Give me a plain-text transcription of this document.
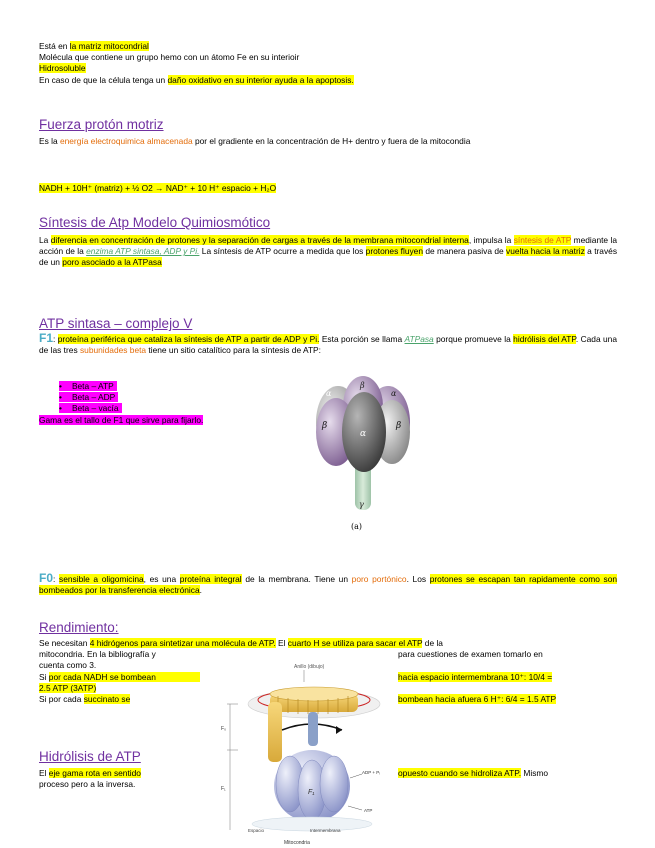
Está en la matriz mitocondrial
Molécula que contiene un grupo hemo con un átomo Fe en su interioir
Hidrosoluble
En caso de que la célula tenga un daño oxidativo en su interior ayuda a la apoptosis.
Fuerza protón motriz
Es la energía electroquimica almacenada por el gradiente en la concentración de H+ dentro y fuera de la mitocondia
NADH + 10H⁺ (matriz) + ½ O2 → NAD⁺ + 10 H⁺ espacio + H₂O
Síntesis de Atp Modelo Quimiosmótico
La diferencia en concentración de protones y la separación de cargas a través de la membrana mitocondrial interna, impulsa la síntesis de ATP mediante la acción de la enzima ATP sintasa, ADP y Pi. La síntesis de ATP ocurre a medida que los protones fluyen de manera pasiva de vuelta hacia la matriz a través de un poro asociado a la ATPasa
ATP sintasa – complejo V
F1: proteína periférica que cataliza la síntesis de ATP a partir de ADP y Pi. Esta porción se llama ATPasa porque promueve la hidrólisis del ATP. Cada una de las tres subunidades beta tiene un sitio catalítico para la síntesis de ATP:
• Beta – ATP
• Beta – ADP
• Beta – vacía
Gama es el tallo de F1 que sirve para fijarlo.
α
β
α
β
α
β
γ
(a)
F0: sensible a oligomicina, es una proteína integral de la membrana. Tiene un poro portónico. Los protones se escapan tan rapidamente como son bombeados por la transferencia electrónica.
Rendimiento:
Se necesitan 4 hidrógenos para sintetizar una molécula de ATP. El cuarto H se utiliza para sacar el ATP de la
mitocondria. En la bibliografía y
cuenta como 3.
Si por cada NADH se bombean
2.5 ATP (3ATP)
Si por cada succinato se
para cuestiones de examen tomarlo en
hacia espacio intermembrana 10⁺: 10/4 =
bombean hacia afuera 6 H⁺: 6/4 = 1.5 ATP
Hidrólisis de ATP
El eje gama rota en sentido
proceso pero a la inversa.
opuesto cuando se hidroliza ATP. Mismo
Anillo (dibujo)
F₁
ADP + Pᵢ
ATP
F₀
F₁
Espacio	Intermembrana
Mitocondria
